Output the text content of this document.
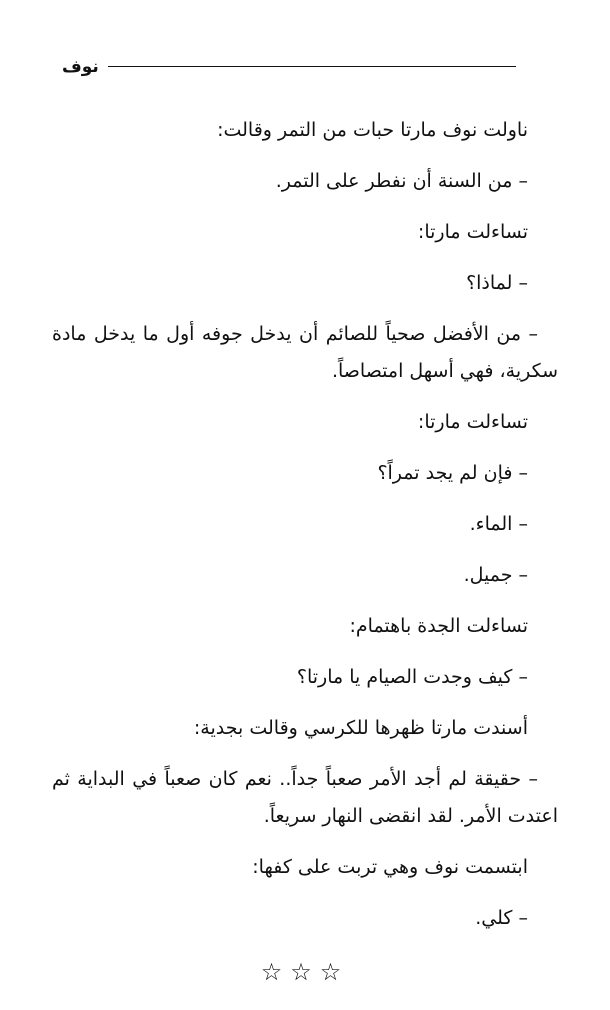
نوف

ناولت نوف مارتا حبات من التمر وقالت:

– من السنة أن نفطر على التمر.

تساءلت مارتا:

– لماذا؟

– من الأفضل صحياً للصائم أن يدخل جوفه أول ما يدخل مادة سكرية، فهي أسهل امتصاصاً.

تساءلت مارتا:

– فإن لم يجد تمراً؟

– الماء.

– جميل.

تساءلت الجدة باهتمام:

– كيف وجدت الصيام يا مارتا؟

أسندت مارتا ظهرها للكرسي وقالت بجدية:

– حقيقة لم أجد الأمر صعباً جداً.. نعم كان صعباً في البداية ثم اعتدت الأمر. لقد انقضى النهار سريعاً.

ابتسمت نوف وهي تربت على كفها:

– كلي.

☆☆☆
